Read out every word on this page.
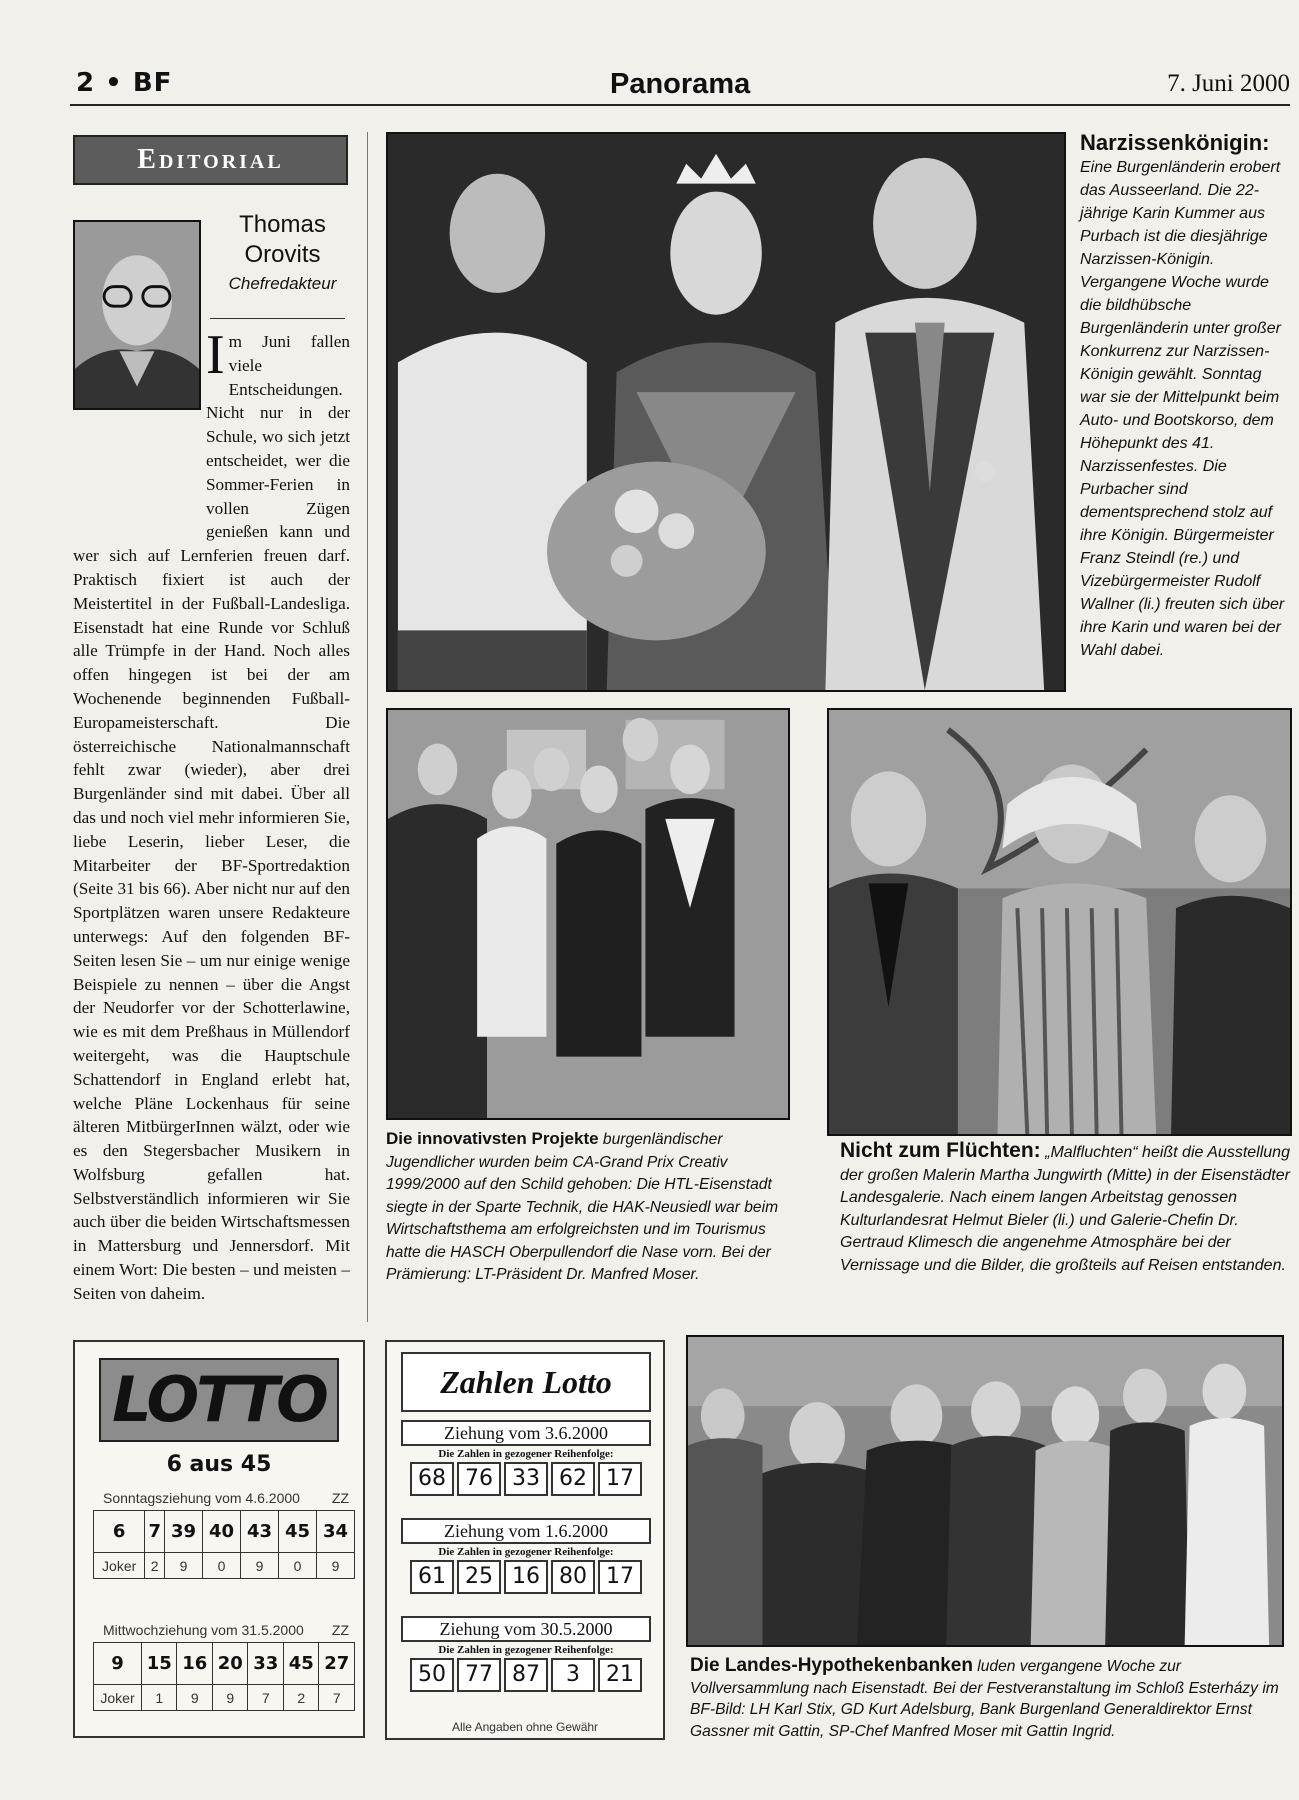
2 • BF	Panorama	7. Juni 2000
Editorial
Thomas
Orovits
Chefredakteur
I m Juni fallen viele Entscheidungen. Nicht nur in der Schule, wo sich jetzt entscheidet, wer die Sommer-Ferien in vollen Zügen genießen kann und wer sich auf Lernferien freuen darf. Praktisch fixiert ist auch der Meistertitel in der Fußball-Landesliga. Eisenstadt hat eine Runde vor Schluß alle Trümpfe in der Hand. Noch alles offen hingegen ist bei der am Wochenende beginnenden Fußball-Europameisterschaft. Die österreichische Nationalmannschaft fehlt zwar (wieder), aber drei Burgenländer sind mit dabei. Über all das und noch viel mehr informieren Sie, liebe Leserin, lieber Leser, die Mitarbeiter der BF-Sportredaktion (Seite 31 bis 66). Aber nicht nur auf den Sportplätzen waren unsere Redakteure unterwegs: Auf den folgenden BF-Seiten lesen Sie – um nur einige wenige Beispiele zu nennen – über die Angst der Neudorfer vor der Schotterlawine, wie es mit dem Preßhaus in Müllendorf weitergeht, was die Hauptschule Schattendorf in England erlebt hat, welche Pläne Lockenhaus für seine älteren MitbürgerInnen wälzt, oder wie es den Stegersbacher Musikern in Wolfsburg gefallen hat. Selbstverständlich informieren wir Sie auch über die beiden Wirtschaftsmessen in Mattersburg und Jennersdorf. Mit einem Wort: Die besten – und meisten – Seiten von daheim.
Narzissenkönigin:
Eine Burgenländerin erobert das Ausseerland. Die 22-jährige Karin Kummer aus Purbach ist die diesjährige Narzissen-Königin. Vergangene Woche wurde die bildhübsche Burgenländerin unter großer Konkurrenz zur Narzissen-Königin gewählt. Sonntag war sie der Mittelpunkt beim Auto- und Bootskorso, dem Höhepunkt des 41. Narzissenfestes. Die Purbacher sind dementsprechend stolz auf ihre Königin. Bürgermeister Franz Steindl (re.) und Vizebürgermeister Rudolf Wallner (li.) freuten sich über ihre Karin und waren bei der Wahl dabei.
Die innovativsten Projekte burgenländischer Jugendlicher wurden beim CA-Grand Prix Creativ 1999/2000 auf den Schild gehoben: Die HTL-Eisenstadt siegte in der Sparte Technik, die HAK-Neusiedl war beim Wirtschaftsthema am erfolgreichsten und im Tourismus hatte die HASCH Oberpullendorf die Nase vorn. Bei der Prämierung: LT-Präsident Dr. Manfred Moser.
Nicht zum Flüchten: „Malfluchten“ heißt die Ausstellung der großen Malerin Martha Jungwirth (Mitte) in der Eisenstädter Landesgalerie. Nach einem langen Arbeitstag genossen Kulturlandesrat Helmut Bieler (li.) und Galerie-Chefin Dr. Gertraud Klimesch die angenehme Atmosphäre bei der Vernissage und die Bilder, die großteils auf Reisen entstanden.
Die Landes-Hypothekenbanken luden vergangene Woche zur Vollversammlung nach Eisenstadt. Bei der Festveranstaltung im Schloß Esterházy im BF-Bild: LH Karl Stix, GD Kurt Adelsburg, Bank Burgenland Generaldirektor Ernst Gassner mit Gattin, SP-Chef Manfred Moser mit Gattin Ingrid.
LOTTO
6 aus 45
Sonntagsziehung vom 4.6.2000 ZZ
6	7	39	40	43	45	34
Joker	2	9	0	9	0	9
Mittwochziehung vom 31.5.2000 ZZ
9	15	16	20	33	45	27
Joker	1	9	9	7	2	7
Zahlen Lotto
Ziehung vom 3.6.2000
Die Zahlen in gezogener Reihenfolge:
68 76 33 62 17
Ziehung vom 1.6.2000
Die Zahlen in gezogener Reihenfolge:
61 25 16 80 17
Ziehung vom 30.5.2000
Die Zahlen in gezogener Reihenfolge:
50 77 87	3	21
Alle Angaben ohne Gewähr
